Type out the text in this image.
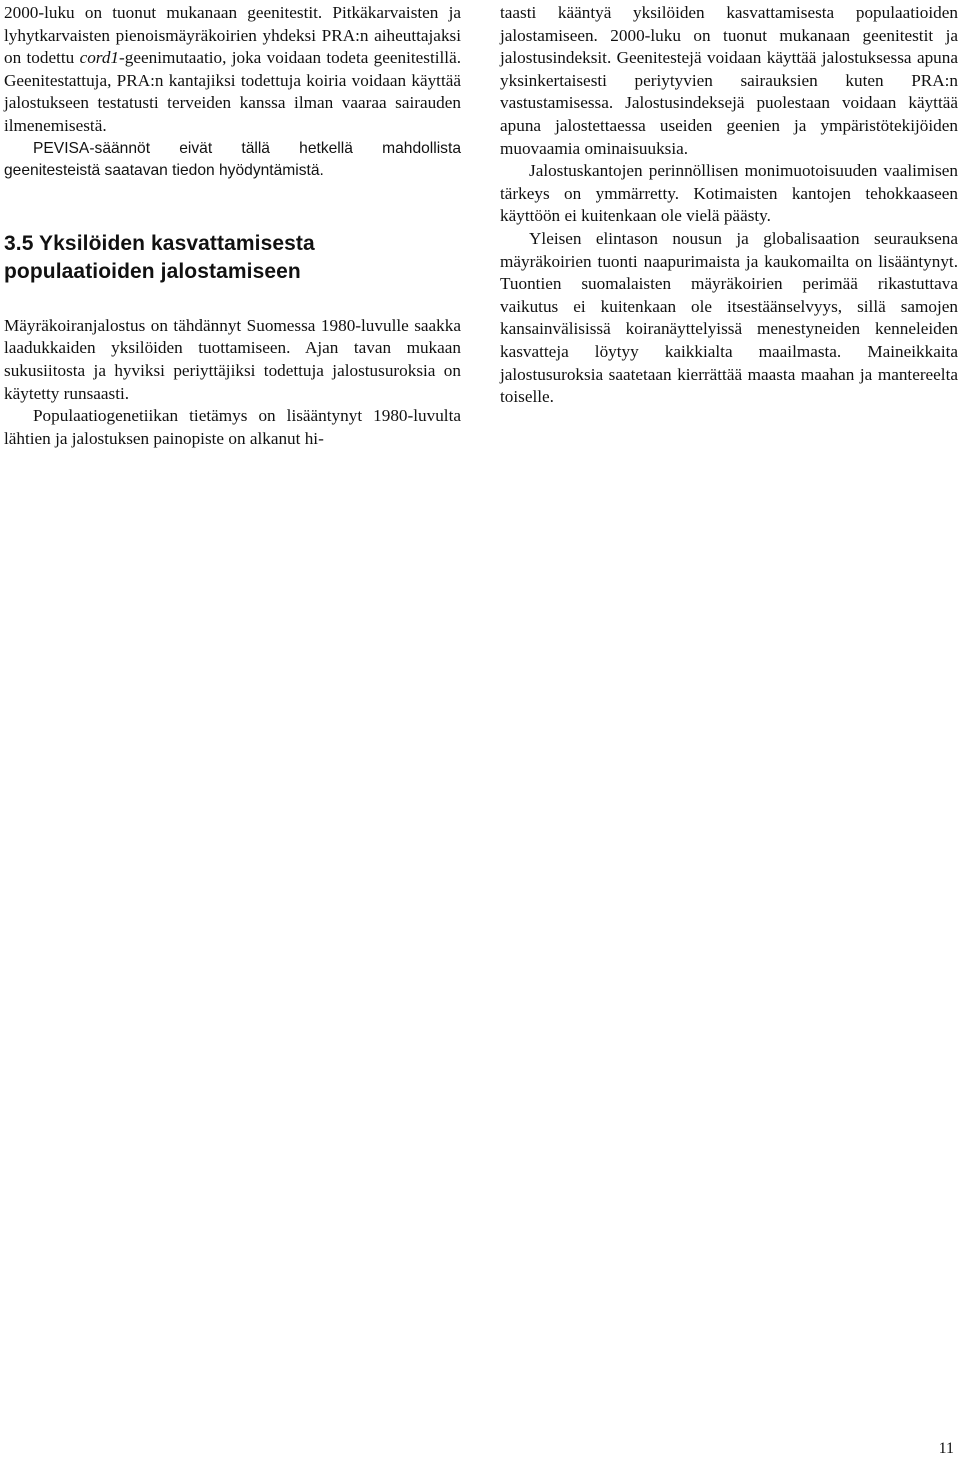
2000-luku on tuonut mukanaan geenitestit. Pitkäkarvaisten ja lyhytkarvaisten pienoismäyräkoirien yhdeksi PRA:n aiheuttajaksi on todettu cord1-geenimutaatio, joka voidaan todeta geenitestillä. Geenitestattuja, PRA:n kantajiksi todettuja koiria voidaan käyttää jalostukseen testatusti terveiden kanssa ilman vaaraa sairauden ilmenemisestä.

PEVISA-säännöt eivät tällä hetkellä mahdollista geenitesteistä saatavan tiedon hyödyntämistä.

3.5 Yksilöiden kasvattamisesta populaatioiden jalostamiseen

Mäyräkoiranjalostus on tähdännyt Suomessa 1980-luvulle saakka laadukkaiden yksilöiden tuottamiseen. Ajan tavan mukaan sukusiitosta ja hyviksi periyttäjiksi todettuja jalostusuroksia on käytetty runsaasti.

Populaatiogenetiikan tietämys on lisääntynyt 1980-luvulta lähtien ja jalostuksen painopiste on alkanut hi-

taasti kääntyä yksilöiden kasvattamisesta populaatioiden jalostamiseen. 2000-luku on tuonut mukanaan geenitestit ja jalostusindeksit. Geenitestejä voidaan käyttää jalostuksessa apuna yksinkertaisesti periytyvien sairauksien kuten PRA:n vastustamisessa. Jalostusindeksejä puolestaan voidaan käyttää apuna jalostettaessa useiden geenien ja ympäristötekijöiden muovaamia ominaisuuksia.

Jalostuskantojen perinnöllisen monimuotoisuuden vaalimisen tärkeys on ymmärretty. Kotimaisten kantojen tehokkaaseen käyttöön ei kuitenkaan ole vielä päästy.

Yleisen elintason nousun ja globalisaation seurauksena mäyräkoirien tuonti naapurimaista ja kaukomailta on lisääntynyt. Tuontien suomalaisten mäyräkoirien perimää rikastuttava vaikutus ei kuitenkaan ole itsestäänselvyys, sillä samojen kansainvälisissä koiranäyttelyissä menestyneiden kenneleiden kasvatteja löytyy kaikkialta maailmasta. Maineikkaita jalostusuroksia saatetaan kierrättää maasta maahan ja mantereelta toiselle.

11
